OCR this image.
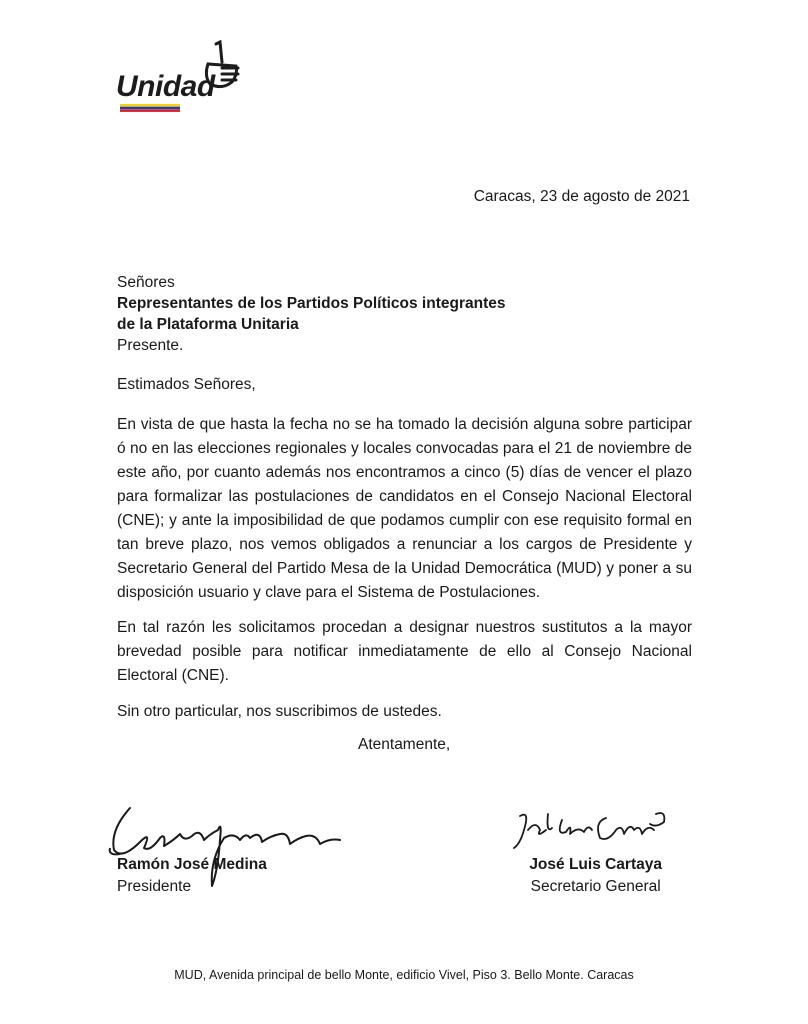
Unidad
Caracas, 23 de agosto de 2021
Señores
Representantes de los Partidos Políticos integrantes
de la Plataforma Unitaria
Presente.
Estimados Señores,

En vista de que hasta la fecha no se ha tomado la decisión alguna sobre participar ó no en las elecciones regionales y locales convocadas para el 21 de noviembre de este año, por cuanto además nos encontramos a cinco (5) días de vencer el plazo para formalizar las postulaciones de candidatos en el Consejo Nacional Electoral (CNE); y ante la imposibilidad de que podamos cumplir con ese requisito formal en tan breve plazo, nos vemos obligados a renunciar a los cargos de Presidente y Secretario General del Partido Mesa de la Unidad Democrática (MUD) y poner a su disposición usuario y clave para el Sistema de Postulaciones.

En tal razón les solicitamos procedan a designar nuestros sustitutos a la mayor brevedad posible para notificar inmediatamente de ello al Consejo Nacional Electoral (CNE).

Sin otro particular, nos suscribimos de ustedes.

Atentamente,
Ramón José Medina
Presidente
José Luis Cartaya
Secretario General
MUD, Avenida principal de bello Monte, edificio Vivel, Piso 3. Bello Monte. Caracas
